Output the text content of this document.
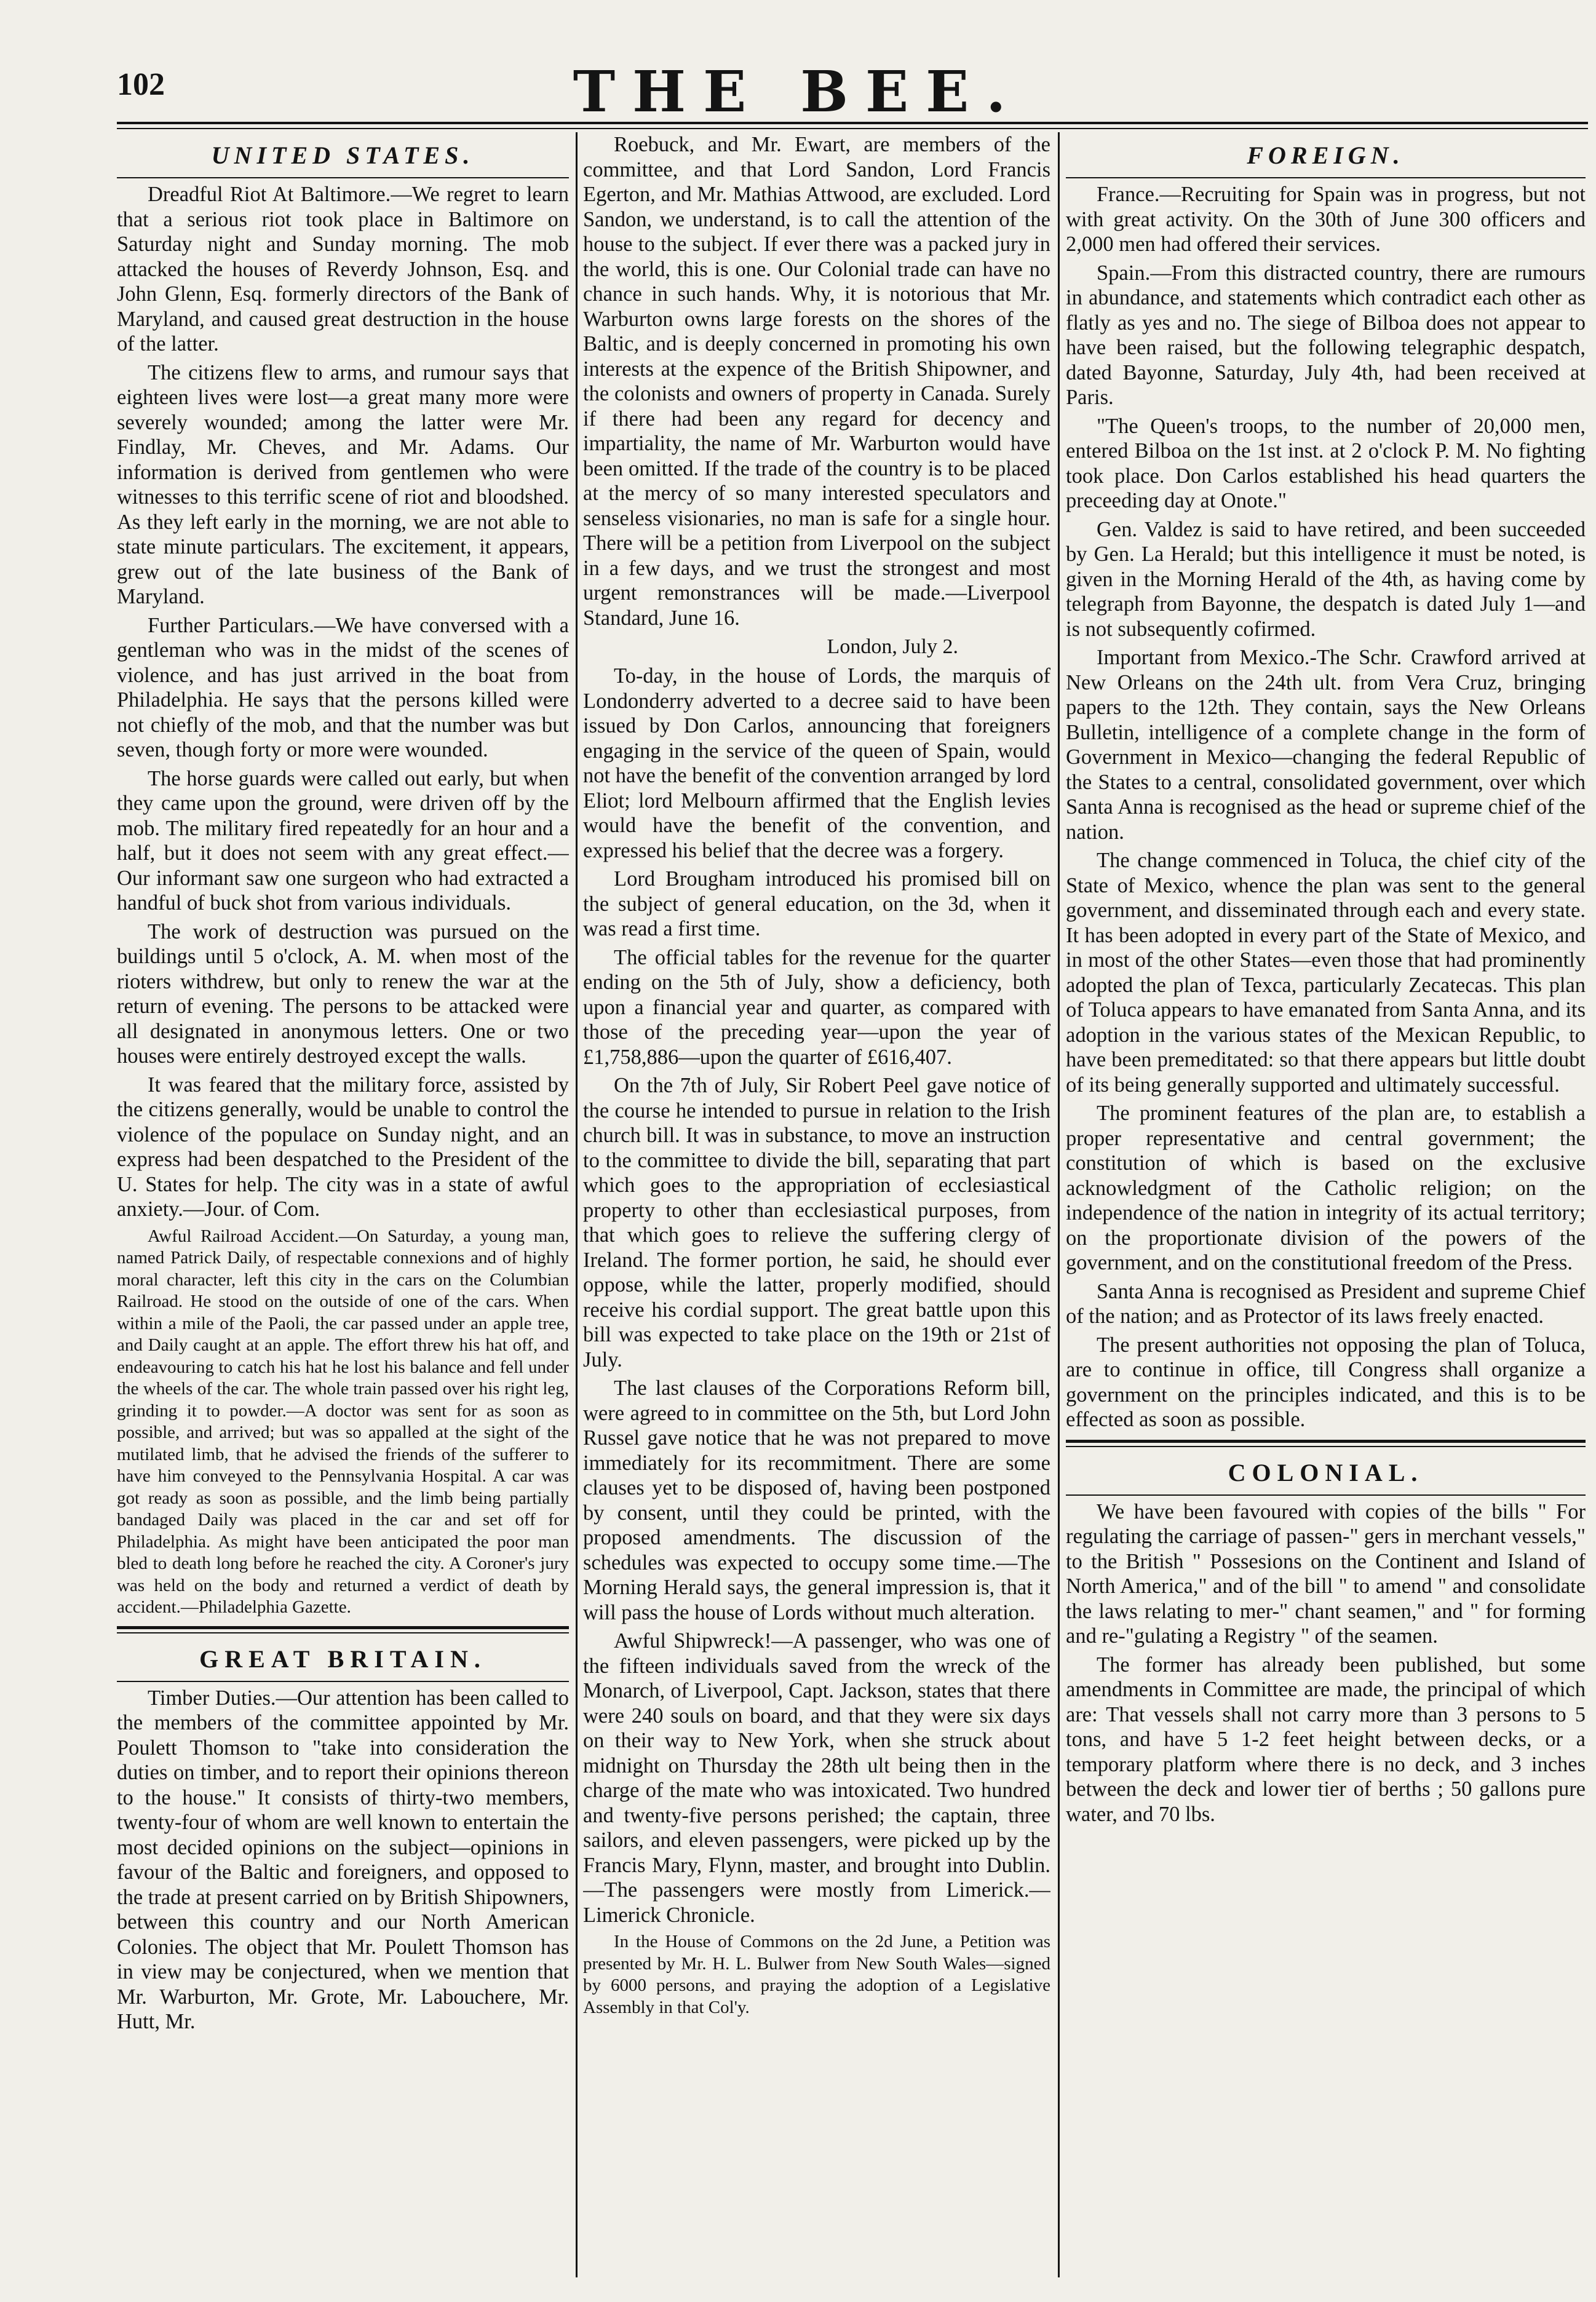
102	THE BEE.
UNITED STATES.

Dreadful Riot At Baltimore.—We regret to learn that a serious riot took place in Baltimore on Saturday night and Sunday morning. The mob attacked the houses of Reverdy Johnson, Esq. and John Glenn, Esq. formerly directors of the Bank of Maryland, and caused great destruction in the house of the latter.

The citizens flew to arms, and rumour says that eighteen lives were lost—a great many more were severely wounded; among the latter were Mr. Findlay, Mr. Cheves, and Mr. Adams. Our information is derived from gentlemen who were witnesses to this terrific scene of riot and bloodshed. As they left early in the morning, we are not able to state minute particulars. The excitement, it appears, grew out of the late business of the Bank of Maryland.

Further Particulars.—We have conversed with a gentleman who was in the midst of the scenes of violence, and has just arrived in the boat from Philadelphia. He says that the persons killed were not chiefly of the mob, and that the number was but seven, though forty or more were wounded.

The horse guards were called out early, but when they came upon the ground, were driven off by the mob. The military fired repeatedly for an hour and a half, but it does not seem with any great effect.—Our informant saw one surgeon who had extracted a handful of buck shot from various individuals.

The work of destruction was pursued on the buildings until 5 o'clock, A. M. when most of the rioters withdrew, but only to renew the war at the return of evening. The persons to be attacked were all designated in anonymous letters. One or two houses were entirely destroyed except the walls.

It was feared that the military force, assisted by the citizens generally, would be unable to control the violence of the populace on Sunday night, and an express had been despatched to the President of the U. States for help. The city was in a state of awful anxiety.—Jour. of Com.

Awful Railroad Accident.—On Saturday, a young man, named Patrick Daily, of respectable connexions and of highly moral character, left this city in the cars on the Columbian Railroad. He stood on the outside of one of the cars. When within a mile of the Paoli, the car passed under an apple tree, and Daily caught at an apple. The effort threw his hat off, and endeavouring to catch his hat he lost his balance and fell under the wheels of the car. The whole train passed over his right leg, grinding it to powder.—A doctor was sent for as soon as possible, and arrived; but was so appalled at the sight of the mutilated limb, that he advised the friends of the sufferer to have him conveyed to the Pennsylvania Hospital. A car was got ready as soon as possible, and the limb being partially bandaged Daily was placed in the car and set off for Philadelphia. As might have been anticipated the poor man bled to death long before he reached the city. A Coroner's jury was held on the body and returned a verdict of death by accident.—Philadelphia Gazette.

GREAT BRITAIN.

Timber Duties.—Our attention has been called to the members of the committee appointed by Mr. Poulett Thomson to "take into consideration the duties on timber, and to report their opinions thereon to the house." It consists of thirty-two members, twenty-four of whom are well known to entertain the most decided opinions on the subject—opinions in favour of the Baltic and foreigners, and opposed to the trade at present carried on by British Shipowners, between this country and our North American Colonies. The object that Mr. Poulett Thomson has in view may be conjectured, when we mention that Mr. Warburton, Mr. Grote, Mr. Labouchere, Mr. Hutt, Mr.

Roebuck, and Mr. Ewart, are members of the committee, and that Lord Sandon, Lord Francis Egerton, and Mr. Mathias Attwood, are excluded. Lord Sandon, we understand, is to call the attention of the house to the subject. If ever there was a packed jury in the world, this is one. Our Colonial trade can have no chance in such hands. Why, it is notorious that Mr. Warburton owns large forests on the shores of the Baltic, and is deeply concerned in promoting his own interests at the expence of the British Shipowner, and the colonists and owners of property in Canada. Surely if there had been any regard for decency and impartiality, the name of Mr. Warburton would have been omitted. If the trade of the country is to be placed at the mercy of so many interested speculators and senseless visionaries, no man is safe for a single hour. There will be a petition from Liverpool on the subject in a few days, and we trust the strongest and most urgent remonstrances will be made.—Liverpool Standard, June 16.

London, July 2.

To-day, in the house of Lords, the marquis of Londonderry adverted to a decree said to have been issued by Don Carlos, announcing that foreigners engaging in the service of the queen of Spain, would not have the benefit of the convention arranged by lord Eliot; lord Melbourn affirmed that the English levies would have the benefit of the convention, and expressed his belief that the decree was a forgery.

Lord Brougham introduced his promised bill on the subject of general education, on the 3d, when it was read a first time.

The official tables for the revenue for the quarter ending on the 5th of July, show a deficiency, both upon a financial year and quarter, as compared with those of the preceding year—upon the year of £1,758,886—upon the quarter of £616,407.

On the 7th of July, Sir Robert Peel gave notice of the course he intended to pursue in relation to the Irish church bill. It was in substance, to move an instruction to the committee to divide the bill, separating that part which goes to the appropriation of ecclesiastical property to other than ecclesiastical purposes, from that which goes to relieve the suffering clergy of Ireland. The former portion, he said, he should ever oppose, while the latter, properly modified, should receive his cordial support. The great battle upon this bill was expected to take place on the 19th or 21st of July.

The last clauses of the Corporations Reform bill, were agreed to in committee on the 5th, but Lord John Russel gave notice that he was not prepared to move immediately for its recommitment. There are some clauses yet to be disposed of, having been postponed by consent, until they could be printed, with the proposed amendments. The discussion of the schedules was expected to occupy some time.—The Morning Herald says, the general impression is, that it will pass the house of Lords without much alteration.

Awful Shipwreck!—A passenger, who was one of the fifteen individuals saved from the wreck of the Monarch, of Liverpool, Capt. Jackson, states that there were 240 souls on board, and that they were six days on their way to New York, when she struck about midnight on Thursday the 28th ult being then in the charge of the mate who was intoxicated. Two hundred and twenty-five persons perished; the captain, three sailors, and eleven passengers, were picked up by the Francis Mary, Flynn, master, and brought into Dublin.—The passengers were mostly from Limerick.—Limerick Chronicle.

In the House of Commons on the 2d June, a Petition was presented by Mr. H. L. Bulwer from New South Wales—signed by 6000 persons, and praying the adoption of a Legislative Assembly in that Col'y.

FOREIGN.

France.—Recruiting for Spain was in progress, but not with great activity. On the 30th of June 300 officers and 2,000 men had offered their services.

Spain.—From this distracted country, there are rumours in abundance, and statements which contradict each other as flatly as yes and no. The siege of Bilboa does not appear to have been raised, but the following telegraphic despatch, dated Bayonne, Saturday, July 4th, had been received at Paris.

"The Queen's troops, to the number of 20,000 men, entered Bilboa on the 1st inst. at 2 o'clock P. M. No fighting took place. Don Carlos established his head quarters the preceeding day at Onote."

Gen. Valdez is said to have retired, and been succeeded by Gen. La Herald; but this intelligence it must be noted, is given in the Morning Herald of the 4th, as having come by telegraph from Bayonne, the despatch is dated July 1—and is not subsequently cofirmed.

Important from Mexico.-The Schr. Crawford arrived at New Orleans on the 24th ult. from Vera Cruz, bringing papers to the 12th. They contain, says the New Orleans Bulletin, intelligence of a complete change in the form of Government in Mexico—changing the federal Republic of the States to a central, consolidated government, over which Santa Anna is recognised as the head or supreme chief of the nation.

The change commenced in Toluca, the chief city of the State of Mexico, whence the plan was sent to the general government, and disseminated through each and every state. It has been adopted in every part of the State of Mexico, and in most of the other States—even those that had prominently adopted the plan of Texca, particularly Zecatecas. This plan of Toluca appears to have emanated from Santa Anna, and its adoption in the various states of the Mexican Republic, to have been premeditated: so that there appears but little doubt of its being generally supported and ultimately successful.

The prominent features of the plan are, to establish a proper representative and central government; the constitution of which is based on the exclusive acknowledgment of the Catholic religion; on the independence of the nation in integrity of its actual territory; on the proportionate division of the powers of the government, and on the constitutional freedom of the Press.

Santa Anna is recognised as President and supreme Chief of the nation; and as Protector of its laws freely enacted.

The present authorities not opposing the plan of Toluca, are to continue in office, till Congress shall organize a government on the principles indicated, and this is to be effected as soon as possible.

COLONIAL.

We have been favoured with copies of the bills " For regulating the carriage of passen-" gers in merchant vessels," to the British " Possesions on the Continent and Island of North America," and of the bill " to amend " and consolidate the laws relating to mer-" chant seamen," and " for forming and re-"gulating a Registry " of the seamen.

The former has already been published, but some amendments in Committee are made, the principal of which are: That vessels shall not carry more than 3 persons to 5 tons, and have 5 1-2 feet height between decks, or a temporary platform where there is no deck, and 3 inches between the deck and lower tier of berths ; 50 gallons pure water, and 70 lbs.
